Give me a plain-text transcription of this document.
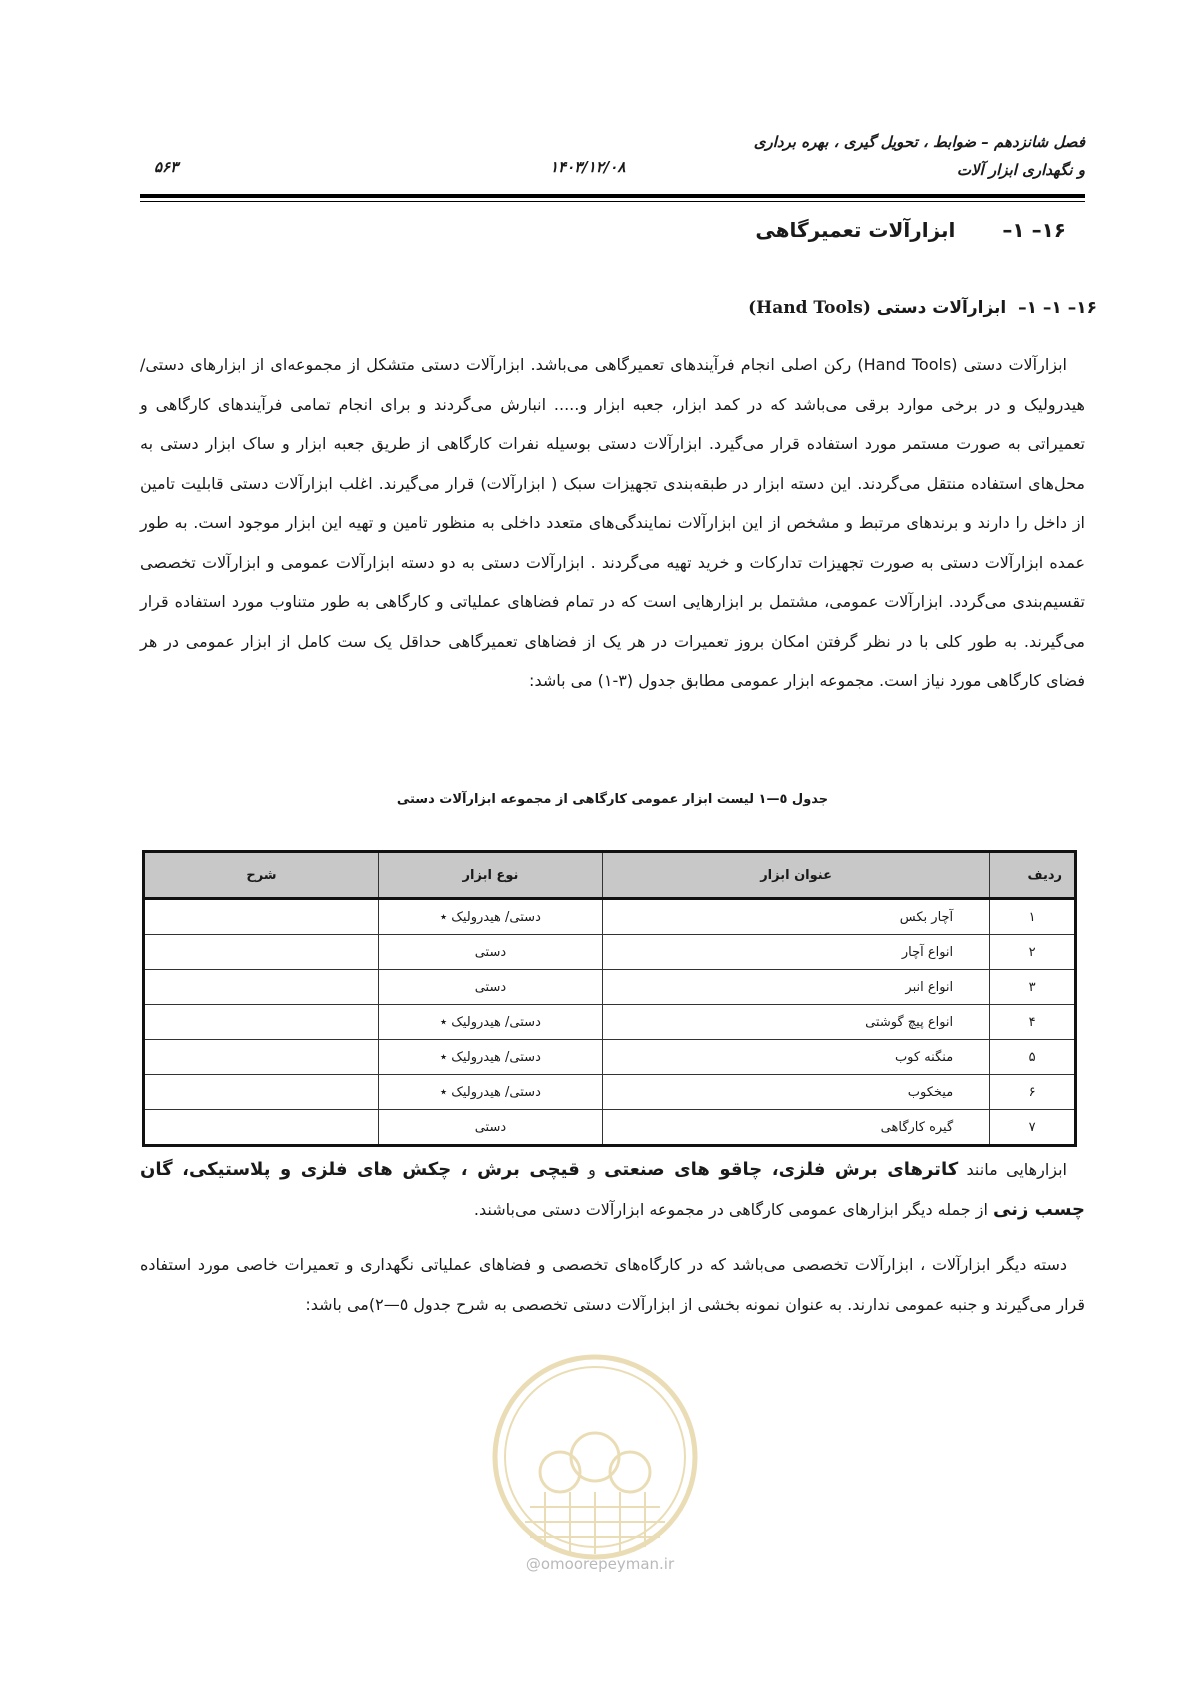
فصل شانزدهم – ضوابط ، تحویل گیری ، بهره برداری
و نگهداری ابزار آلات
۱۴۰۳/۱۲/۰۸
۵۶۳
۱۶– ۱– ابزارآلات تعمیرگاهی
۱۶– ۱– ۱–  ابزارآلات دستی (Hand Tools)

ابزارآلات دستی (Hand Tools) رکن اصلی انجام فرآیندهای تعمیرگاهی می‌باشد. ابزارآلات دستی متشکل از مجموعه‌ای از ابزارهای دستی/ هیدرولیک و در برخی موارد برقی می‌باشد که در کمد ابزار، جعبه ابزار و..... انبارش می‌گردند و برای انجام تمامی فرآیندهای کارگاهی و تعمیراتی به صورت مستمر مورد استفاده قرار می‌گیرد. ابزارآلات دستی بوسیله نفرات کارگاهی از طریق جعبه ابزار و ساک ابزار دستی به محل‌های استفاده منتقل می‌گردند. این دسته ابزار در طبقه‌بندی تجهیزات سبک ( ابزارآلات) قرار می‌گیرند. اغلب ابزارآلات دستی قابلیت تامین از داخل را دارند و برندهای مرتبط و مشخص از این ابزارآلات نمایندگی‌های متعدد داخلی به منظور تامین و تهیه این ابزار موجود است. به طور عمده ابزارآلات دستی به صورت تجهیزات تدارکات و خرید تهیه می‌گردند . ابزارآلات دستی به دو دسته ابزارآلات عمومی و ابزارآلات تخصصی تقسیم‌بندی می‌گردد. ابزارآلات عمومی، مشتمل بر ابزارهایی است که در تمام فضاهای عملیاتی و کارگاهی به طور متناوب مورد استفاده قرار می‌گیرند. به طور کلی با در نظر گرفتن امکان بروز تعمیرات در هر یک از فضاهای تعمیرگاهی حداقل یک ست کامل از ابزار عمومی در هر فضای کارگاهی مورد نیاز است. مجموعه ابزار عمومی مطابق جدول (۳-۱) می باشد:

جدول ٥—۱ لیست ابزار عمومی کارگاهی از مجموعه ابزارآلات دستی
ردیف	عنوان ابزار	نوع ابزار	شرح
۱	آچار بکس	دستی/ هیدرولیک ٭	
۲	انواع آچار	دستی	
۳	انواع انبر	دستی	
۴	انواع پیچ گوشتی	دستی/ هیدرولیک ٭	
۵	منگنه کوب	دستی/ هیدرولیک ٭	
۶	میخکوب	دستی/ هیدرولیک ٭	
۷	گیره کارگاهی	دستی	

ابزارهایی مانند کاترهای برش فلزی، چاقو های صنعتی و قیچی برش ، چکش های فلزی و پلاستیکی، گان چسب زنی از جمله دیگر ابزارهای عمومی کارگاهی در مجموعه ابزارآلات دستی می‌باشند.

دسته دیگر ابزارآلات ، ابزارآلات تخصصی می‌باشد که در کارگاه‌های تخصصی و فضاهای عملیاتی نگهداری و تعمیرات خاصی مورد استفاده قرار می‌گیرند و جنبه عمومی ندارند. به عنوان نمونه بخشی از ابزارآلات دستی تخصصی به شرح جدول ٥—۲)می باشد:

@omoorepeyman.ir
